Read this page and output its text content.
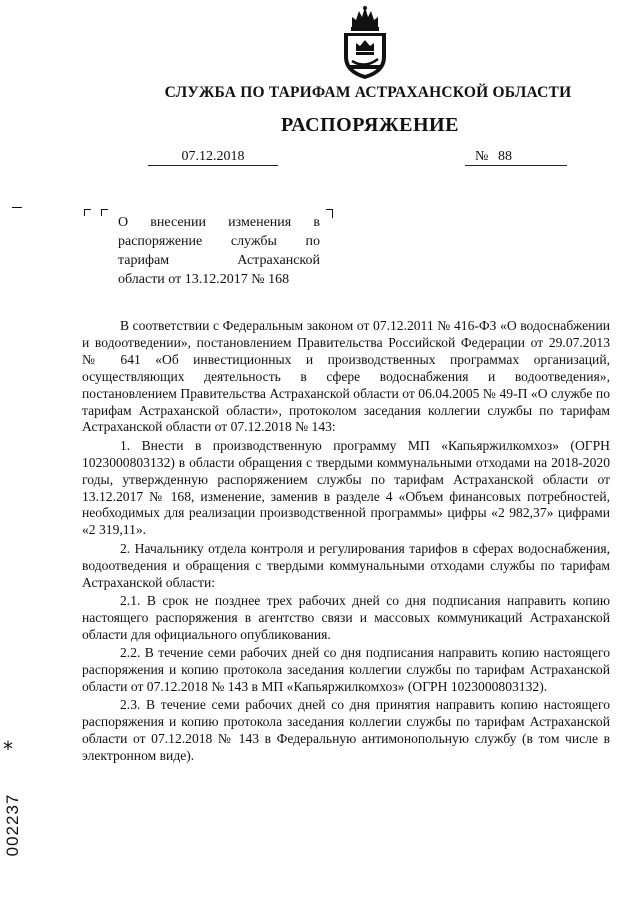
СЛУЖБА ПО ТАРИФАМ АСТРАХАНСКОЙ ОБЛАСТИ
РАСПОРЯЖЕНИЕ
07.12.2018	№ 88
О внесении изменения в
распоряжение службы по
тарифам Астраханской
области от 13.12.2017 № 168

В соответствии с Федеральным законом от 07.12.2011 № 416-ФЗ «О водоснабжении и водоотведении», постановлением Правительства Российской Федерации от 29.07.2013 № 641 «Об инвестиционных и производственных программах организаций, осуществляющих деятельность в сфере водоснабжения и водоотведения», постановлением Правительства Астраханской области от 06.04.2005 № 49-П «О службе по тарифам Астраханской области», протоколом заседания коллегии службы по тарифам Астраханской области от 07.12.2018 № 143:

1. Внести в производственную программу МП «Капьяржилкомхоз» (ОГРН 1023000803132) в области обращения с твердыми коммунальными отходами на 2018-2020 годы, утвержденную распоряжением службы по тарифам Астраханской области от 13.12.2017 № 168, изменение, заменив в разделе 4 «Объем финансовых потребностей, необходимых для реализации производственной программы» цифры «2 982,37» цифрами «2 319,11».

2. Начальнику отдела контроля и регулирования тарифов в сферах водоснабжения, водоотведения и обращения с твердыми коммунальными отходами службы по тарифам Астраханской области:

2.1. В срок не позднее трех рабочих дней со дня подписания направить копию настоящего распоряжения в агентство связи и массовых коммуникаций Астраханской области для официального опубликования.

2.2. В течение семи рабочих дней со дня подписания направить копию настоящего распоряжения и копию протокола заседания коллегии службы по тарифам Астраханской области от 07.12.2018 № 143 в МП «Капьяржилкомхоз» (ОГРН 1023000803132).

2.3. В течение семи рабочих дней со дня принятия направить копию настоящего распоряжения и копию протокола заседания коллегии службы по тарифам Астраханской области от 07.12.2018 № 143 в Федеральную антимонопольную службу (в том числе в электронном виде).

*
002237
